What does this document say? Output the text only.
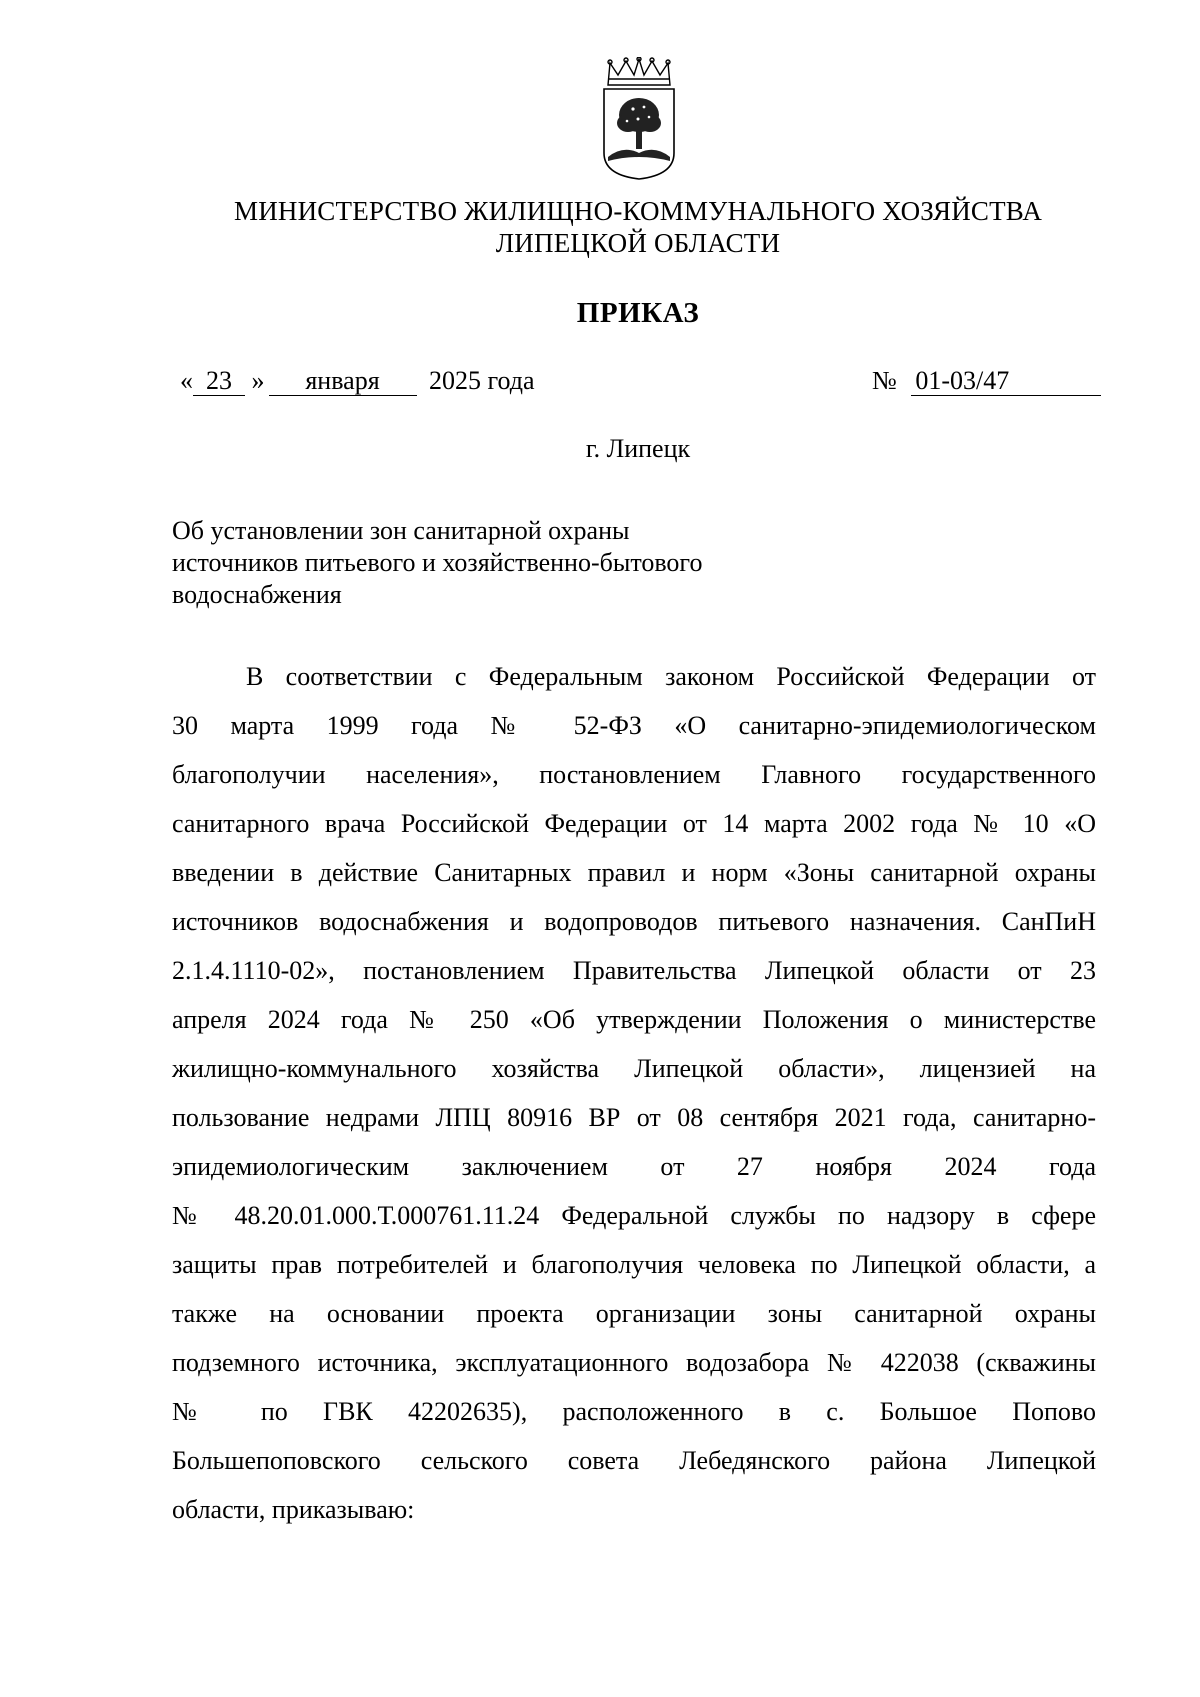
МИНИСТЕРСТВО ЖИЛИЩНО-КОММУНАЛЬНОГО ХОЗЯЙСТВА
ЛИПЕЦКОЙ ОБЛАСТИ
ПРИКАЗ
« 23 » января 2025 года	№ 01-03/47
г. Липецк
Об установлении зон санитарной охраны
источников питьевого и хозяйственно-бытового
водоснабжения
В соответствии с Федеральным законом Российской Федерации от
30 марта 1999 года № 52-ФЗ «О санитарно-эпидемиологическом
благополучии населения», постановлением Главного государственного
санитарного врача Российской Федерации от 14 марта 2002 года № 10 «О
введении в действие Санитарных правил и норм «Зоны санитарной охраны
источников водоснабжения и водопроводов питьевого назначения. СанПиН
2.1.4.1110-02», постановлением Правительства Липецкой области от 23
апреля 2024 года № 250 «Об утверждении Положения о министерстве
жилищно-коммунального хозяйства Липецкой области», лицензией на
пользование недрами ЛПЦ 80916 ВР от 08 сентября 2021 года, санитарно-
эпидемиологическим заключением от 27 ноября 2024 года
№ 48.20.01.000.Т.000761.11.24 Федеральной службы по надзору в сфере
защиты прав потребителей и благополучия человека по Липецкой области, а
также на основании проекта организации зоны санитарной охраны
подземного источника, эксплуатационного водозабора № 422038 (скважины
№ по ГВК 42202635), расположенного в с. Большое Попово
Большепоповского сельского совета Лебедянского района Липецкой
области, приказываю:
